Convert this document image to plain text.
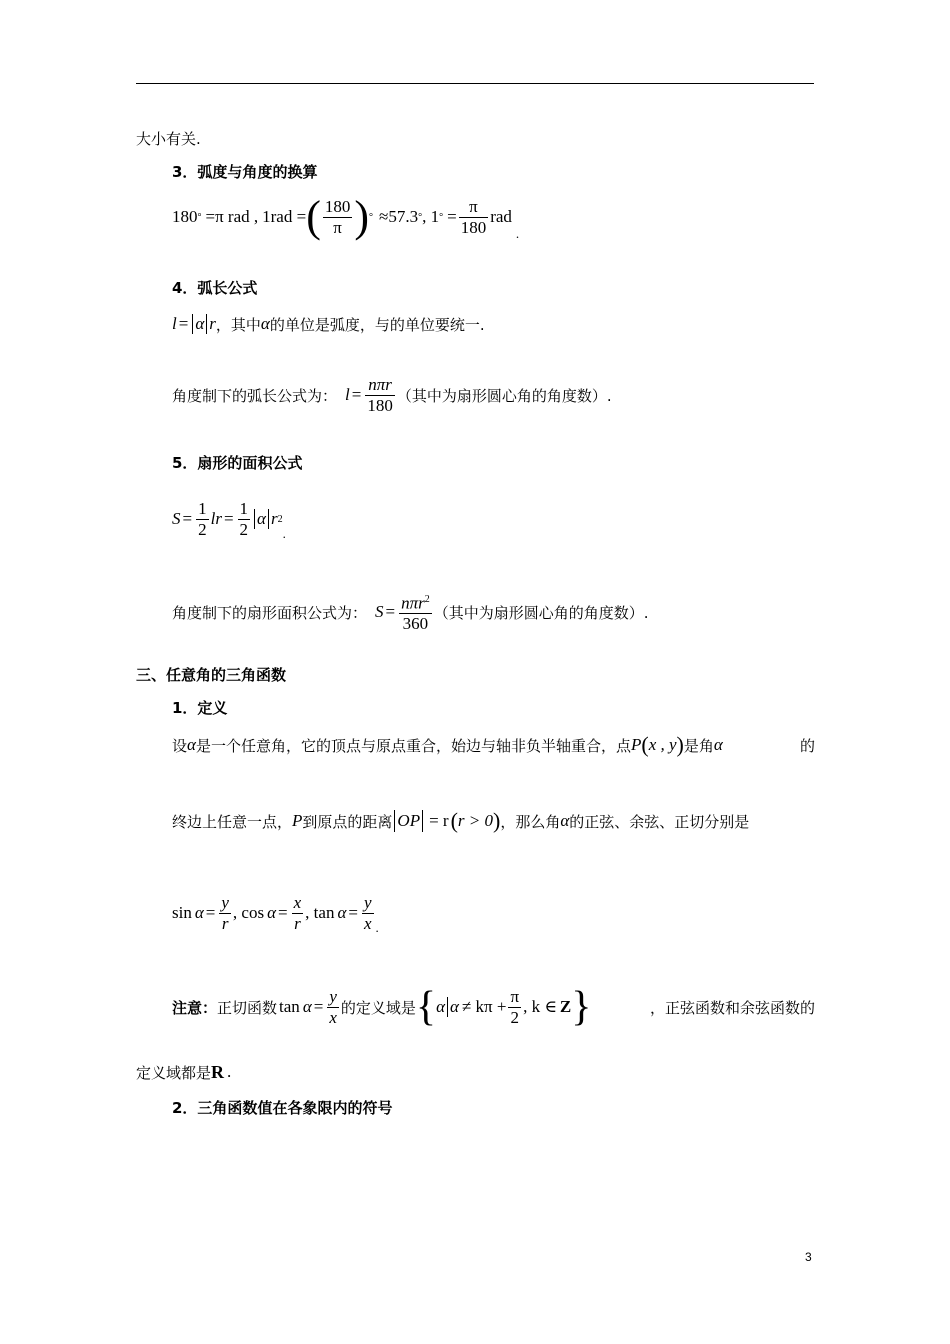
大小有关.
3．弧度与角度的换算
180 ° =π rad , 1rad = ( $\frac{180}{\pi}$ ) ° ≈57.3 ° , 1 ° = $\frac{\pi}{180}$ rad
.
4．弧长公式
l = α r ，其中 α 的单位是弧度，与的单位要统一.
角度制下的弧长公式为： $l = \frac{\text{nπr}}{180}$ （其中为扇形圆心角的角度数）.
5．扇形的面积公式
$S = \frac{1}{2}$ lr = $\frac{1}{2}$ α r 2
.
角度制下的扇形面积公式为： $S = \frac{n\pi r^2}{360}$ （其中为扇形圆心角的角度数）.
三、任意角的三角函数
1．定义
设 α 是一个任意角，它的顶点与原点重合，始边与轴非负半轴重合，点 P ( x , y ) 是角 α	的
终边上任意一点， P 到原点的距离 OP = r ( r > 0 ) ，那么角 α 的正弦、余弦、正切分别是
$\sin \alpha = \frac{y}{r}$ , $\cos \alpha = \frac{x}{r}$ , $\tan \alpha = \frac{y}{x}$ .
注意： 正切函数 $\tan \alpha = \frac{y}{x}$ 的定义域是 { α $\alpha \ne k\pi + \frac{\pi}{2}$ , k ∈ Z }	，正弦函数和余弦函数的
定义域都是 R .
2．三角函数值在各象限内的符号
3
